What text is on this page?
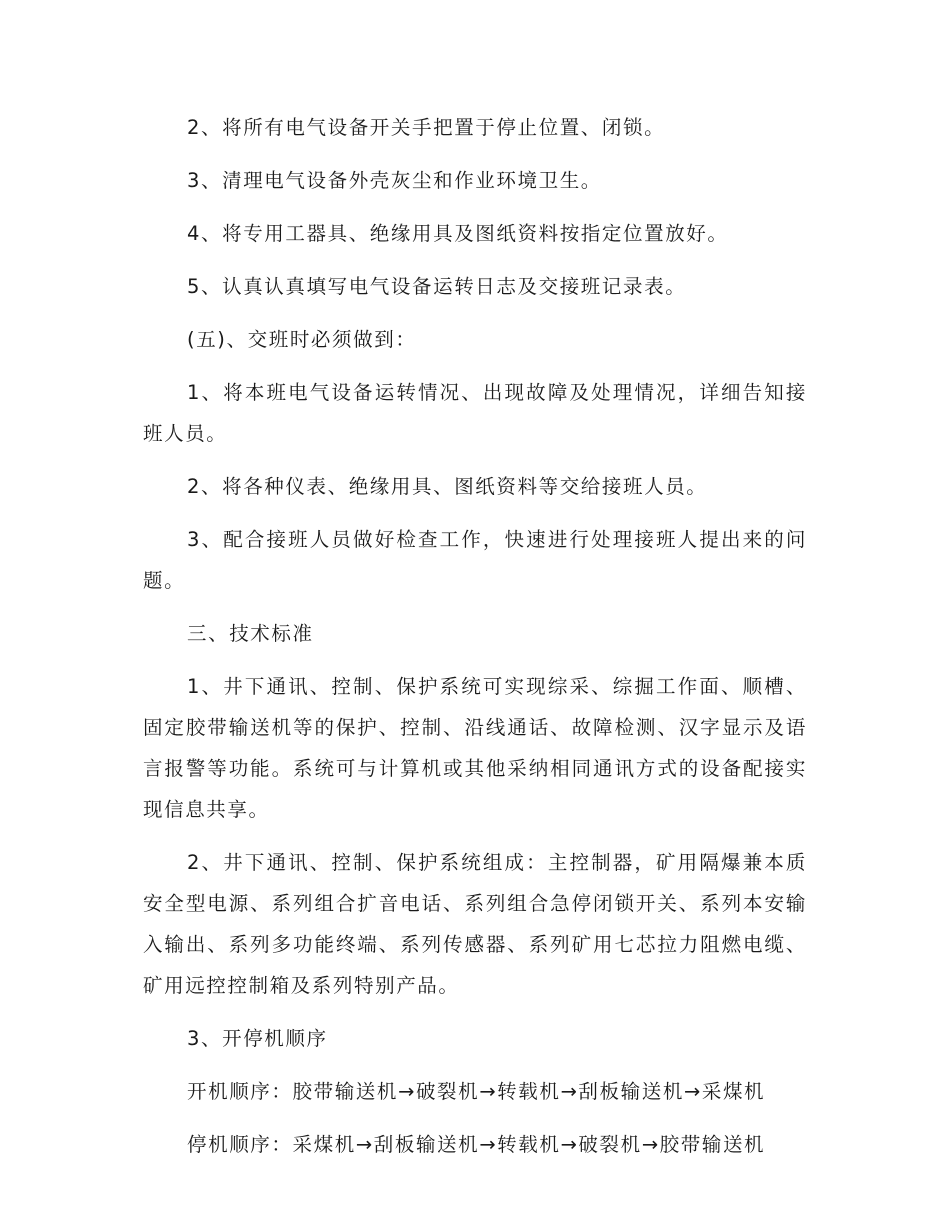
2、将所有电气设备开关手把置于停止位置、闭锁。

3、清理电气设备外壳灰尘和作业环境卫生。

4、将专用工器具、绝缘用具及图纸资料按指定位置放好。

5、认真认真填写电气设备运转日志及交接班记录表。

(五)、交班时必须做到：

1、将本班电气设备运转情况、出现故障及处理情况，详细告知接班人员。

2、将各种仪表、绝缘用具、图纸资料等交给接班人员。

3、配合接班人员做好检查工作，快速进行处理接班人提出来的问题。

三、技术标准

1、井下通讯、控制、保护系统可实现综采、综掘工作面、顺槽、固定胶带输送机等的保护、控制、沿线通话、故障检测、汉字显示及语言报警等功能。系统可与计算机或其他采纳相同通讯方式的设备配接实现信息共享。

2、井下通讯、控制、保护系统组成：主控制器，矿用隔爆兼本质安全型电源、系列组合扩音电话、系列组合急停闭锁开关、系列本安输入输出、系列多功能终端、系列传感器、系列矿用七芯拉力阻燃电缆、矿用远控控制箱及系列特别产品。

3、开停机顺序

开机顺序：胶带输送机→破裂机→转载机→刮板输送机→采煤机

停机顺序：采煤机→刮板输送机→转载机→破裂机→胶带输送机
